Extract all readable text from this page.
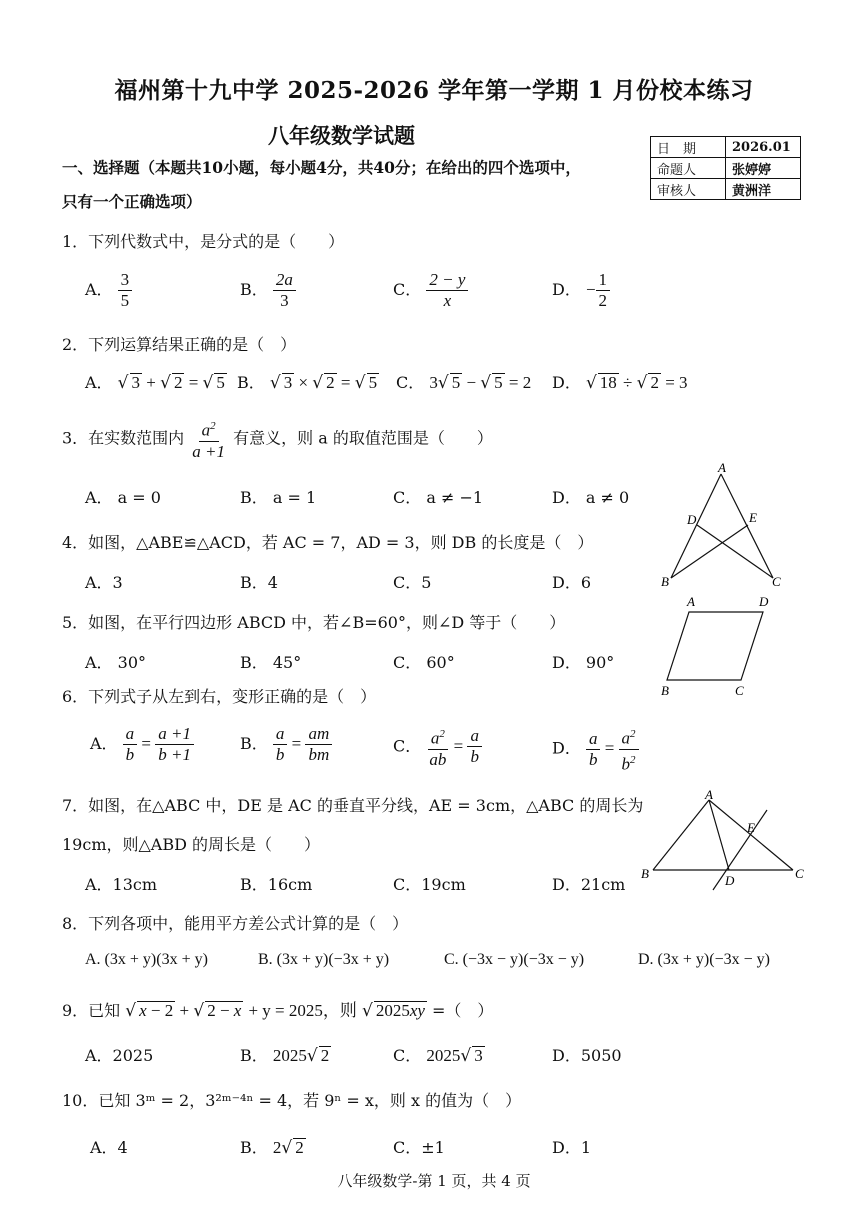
福州第十九中学 2025-2026 学年第一学期 1 月份校本练习
八年级数学试题
日　期	2026.01
命题人	张婷婷
审核人	黄洲洋
一、选择题（本题共10小题，每小题4分，共40分；在给出的四个选项中，
只有一个正确选项）
1．下列代数式中，是分式的是（　　）
A． $\frac{3}{5}$	B． $\frac{2a}{3}$	C． $\frac{2 - y}{x}$	D． − $\frac{1}{2}$
2．下列运算结果正确的是（　）
A． √ 3 + √ 2 = √ 5 B． √ 3 × √ 2 = √ 5 C． 3√ 5 − √ 5 = 2 D． √ 18 ÷ √ 2 = 3
3．在实数范围内 $\frac{a^2}{a +1}$ 有意义，则 a 的取值范围是（　　）
A． a = 0	B． a = 1	C． a ≠ −1	D． a ≠ 0
A
D	E
B	C
4．如图，△ABE≌△ACD，若 AC = 7，AD = 3，则 DB 的长度是（　）
A．3	B．4	C．5	D．6
A	D
B	C
5．如图，在平行四边形 ABCD 中，若∠B=60°，则∠D 等于（　　）
A． 30°	B． 45°	C． 60°	D． 90°
6．下列式子从左到右，变形正确的是（　）
A． $\frac{a}{b} = \frac{a +1}{b +1}$	B． $\frac{a}{b} = \frac{am}{bm}$	C． $\frac{a^2}{ab} = \frac{a}{b}$	D． $\frac{a}{b} = \frac{a^2}{b^2}$
A
E
B	D	C
7．如图，在△ABC 中，DE 是 AC 的垂直平分线，AE = 3cm，△ABC 的周长为
19cm，则△ABD 的周长是（　　）
A．13cm	B．16cm	C．19cm	D．21cm
8．下列各项中，能用平方差公式计算的是（　）
A. (3x + y)(3x + y)	B. (3x + y)(−3x + y)	C. (−3x − y)(−3x − y)	D. (3x + y)(−3x − y)
9．已知 √ x − 2 + √ 2 − x + y = 2025，则 √ 2025xy =（　）
A．2025	B． 2025√ 2	C． 2025√ 3	D．5050
10．已知 3ᵐ = 2，3²ᵐ⁻⁴ⁿ = 4，若 9ⁿ = x，则 x 的值为（　）
A．4	B． 2√ 2	C．±1	D．1
八年级数学-第 1 页，共 4 页
